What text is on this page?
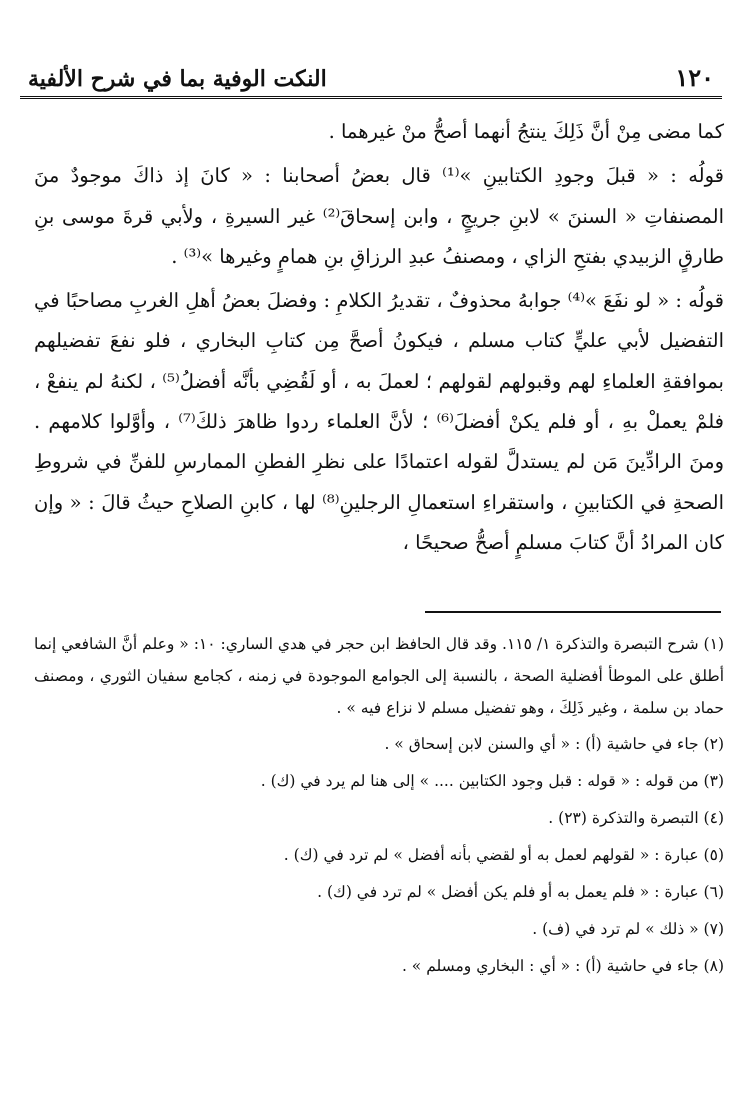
١٢٠
النكت الوفية بما في شرح الألفية

كما مضى مِنْ أنَّ ذَلِكَ ينتجُ أنهما أصحُّ منْ غيرهما .

قولُه : « قبلَ وجودِ الكتابينِ »⁽¹⁾ قال بعضُ أصحابنا : « كانَ إذ ذاكَ موجودٌ منَ المصنفاتِ « السننَ » لابنِ جريجٍ ، وابن إسحاقَ⁽²⁾ غير السيرةِ ، ولأبي قرةَ موسى بنِ طارقٍ الزبيدي بفتحِ الزاي ، ومصنفُ عبدِ الرزاقِ بنِ همامٍ وغيرها »⁽³⁾ .

قولُه : « لو نفَعَ »⁽⁴⁾ جوابهُ محذوفٌ ، تقديرُ الكلامِ : وفضلَ بعضُ أهلِ الغربِ مصاحبًا في التفضيل لأبي عليٍّ كتاب مسلم ، فيكونُ أصحَّ مِن كتابِ البخاري ، فلو نفعَ تفضيلهم بموافقةِ العلماءِ لهم وقبولهم لقولهم ؛ لعملَ به ، أو لَقُضِي بأنَّه أفضلُ⁽⁵⁾ ، لكنهُ لم ينفعْ ، فلمْ يعملْ بهِ ، أو فلم يكنْ أفضلَ⁽⁶⁾ ؛ لأنَّ العلماء ردوا ظاهرَ ذلكَ⁽⁷⁾ ، وأوَّلوا كلامهم . ومنَ الرادِّينَ مَن لم يستدلَّ لقوله اعتمادًا على نظرِ الفطنِ الممارسِ للفنِّ في شروطِ الصحةِ في الكتابينِ ، واستقراءِ استعمالِ الرجلينِ⁽⁸⁾ لها ، كابنِ الصلاحِ حيثُ قالَ : « وإن كان المرادُ أنَّ كتابَ مسلمٍ أصحُّ صحيحًا ،

(١) شرح التبصرة والتذكرة ١/ ١١٥. وقد قال الحافظ ابن حجر في هدي الساري: ١٠: « وعلم أنَّ الشافعي إنما أطلق على الموطأ أفضلية الصحة ، بالنسبة إلى الجوامع الموجودة في زمنه ، كجامع سفيان الثوري ، ومصنف حماد بن سلمة ، وغير ذَلِكَ ، وهو تفضيل مسلم لا نزاع فيه » .

(٢) جاء في حاشية (أ) : « أي والسنن لابن إسحاق » .

(٣) من قوله : « قوله : قبل وجود الكتابين .... » إلى هنا لم يرد في (ك) .

(٤) التبصرة والتذكرة (٢٣) .

(٥) عبارة : « لقولهم لعمل به أو لقضي بأنه أفضل » لم ترد في (ك) .

(٦) عبارة : « فلم يعمل به أو فلم يكن أفضل » لم ترد في (ك) .

(٧) « ذلك » لم ترد في (ف) .

(٨) جاء في حاشية (أ) : « أي : البخاري ومسلم » .
